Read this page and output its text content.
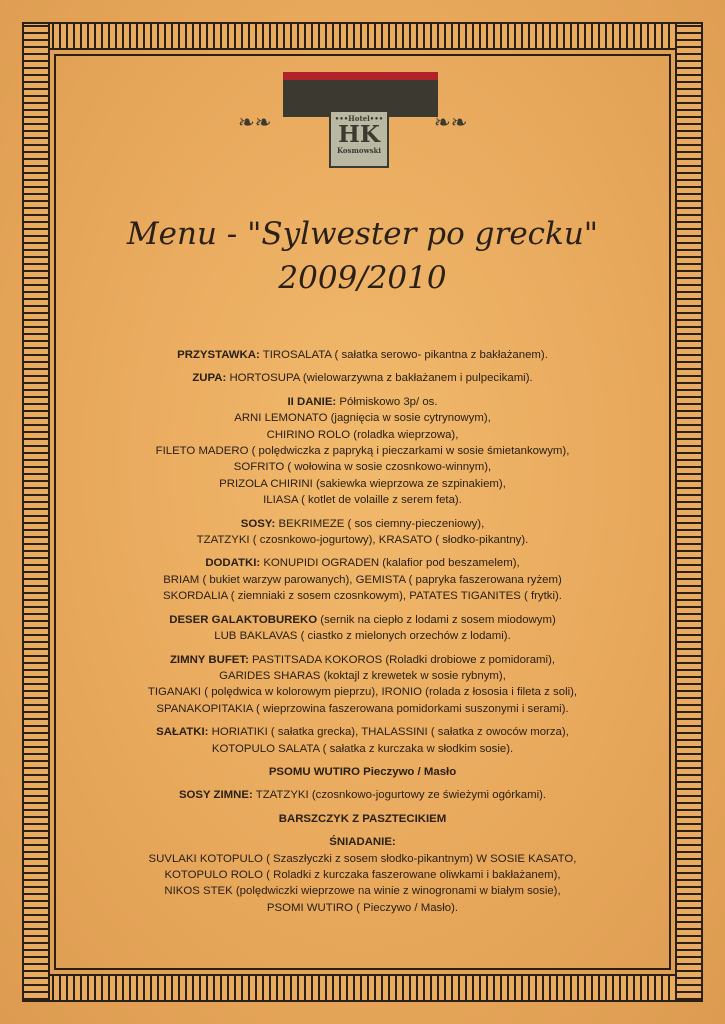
❧❧	❧❧
•••Hotel•••
HK
Kosmowski
Menu - "Sylwester po grecku"
2009/2010
PRZYSTAWKA: TIROSALATA ( sałatka serowo- pikantna z bakłażanem).
ZUPA: HORTOSUPA (wielowarzywna z bakłażanem i pulpecikami).
II DANIE: Półmiskowo 3p/ os.
ARNI LEMONATO (jagnięcia w sosie cytrynowym),
CHIRINO ROLO (roladka wieprzowa),
FILETO MADERO ( polędwiczka z papryką i pieczarkami w sosie śmietankowym),
SOFRITO ( wołowina w sosie czosnkowo-winnym),
PRIZOLA CHIRINI (sakiewka wieprzowa ze szpinakiem),
ILIASA ( kotlet de volaille z serem feta).
SOSY: BEKRIMEZE ( sos ciemny-pieczeniowy),
TZATZYKI ( czosnkowo-jogurtowy), KRASATO ( słodko-pikantny).
DODATKI: KONUPIDI OGRADEN (kalafior pod beszamelem),
BRIAM ( bukiet warzyw parowanych), GEMISTA ( papryka faszerowana ryżem)
SKORDALIA ( ziemniaki z sosem czosnkowym), PATATES TIGANITES ( frytki).
DESER GALAKTOBUREKO (sernik na ciepło z lodami z sosem miodowym)
LUB BAKLAVAS ( ciastko z mielonych orzechów z lodami).
ZIMNY BUFET: PASTITSADA KOKOROS (Roladki drobiowe z pomidorami),
GARIDES SHARAS (koktajl z krewetek w sosie rybnym),
TIGANAKI ( polędwica w kolorowym pieprzu), IRONIO (rolada z łososia i fileta z soli),
SPANAKOPITAKIA ( wieprzowina faszerowana pomidorkami suszonymi i serami).
SAŁATKI: HORIATIKI ( sałatka grecka), THALASSINI ( sałatka z owoców morza),
KOTOPULO SALATA ( sałatka z kurczaka w słodkim sosie).
PSOMU WUTIRO Pieczywo / Masło
SOSY ZIMNE: TZATZYKI (czosnkowo-jogurtowy ze świeżymi ogórkami).
BARSZCZYK Z PASZTECIKIEM
ŚNIADANIE:
SUVLAKI KOTOPULO ( Szaszłyczki z sosem słodko-pikantnym) W SOSIE KASATO,
KOTOPULO ROLO ( Roladki z kurczaka faszerowane oliwkami i bakłażanem),
NIKOS STEK (polędwiczki wieprzowe na winie z winogronami w białym sosie),
PSOMI WUTIRO ( Pieczywo / Masło).
